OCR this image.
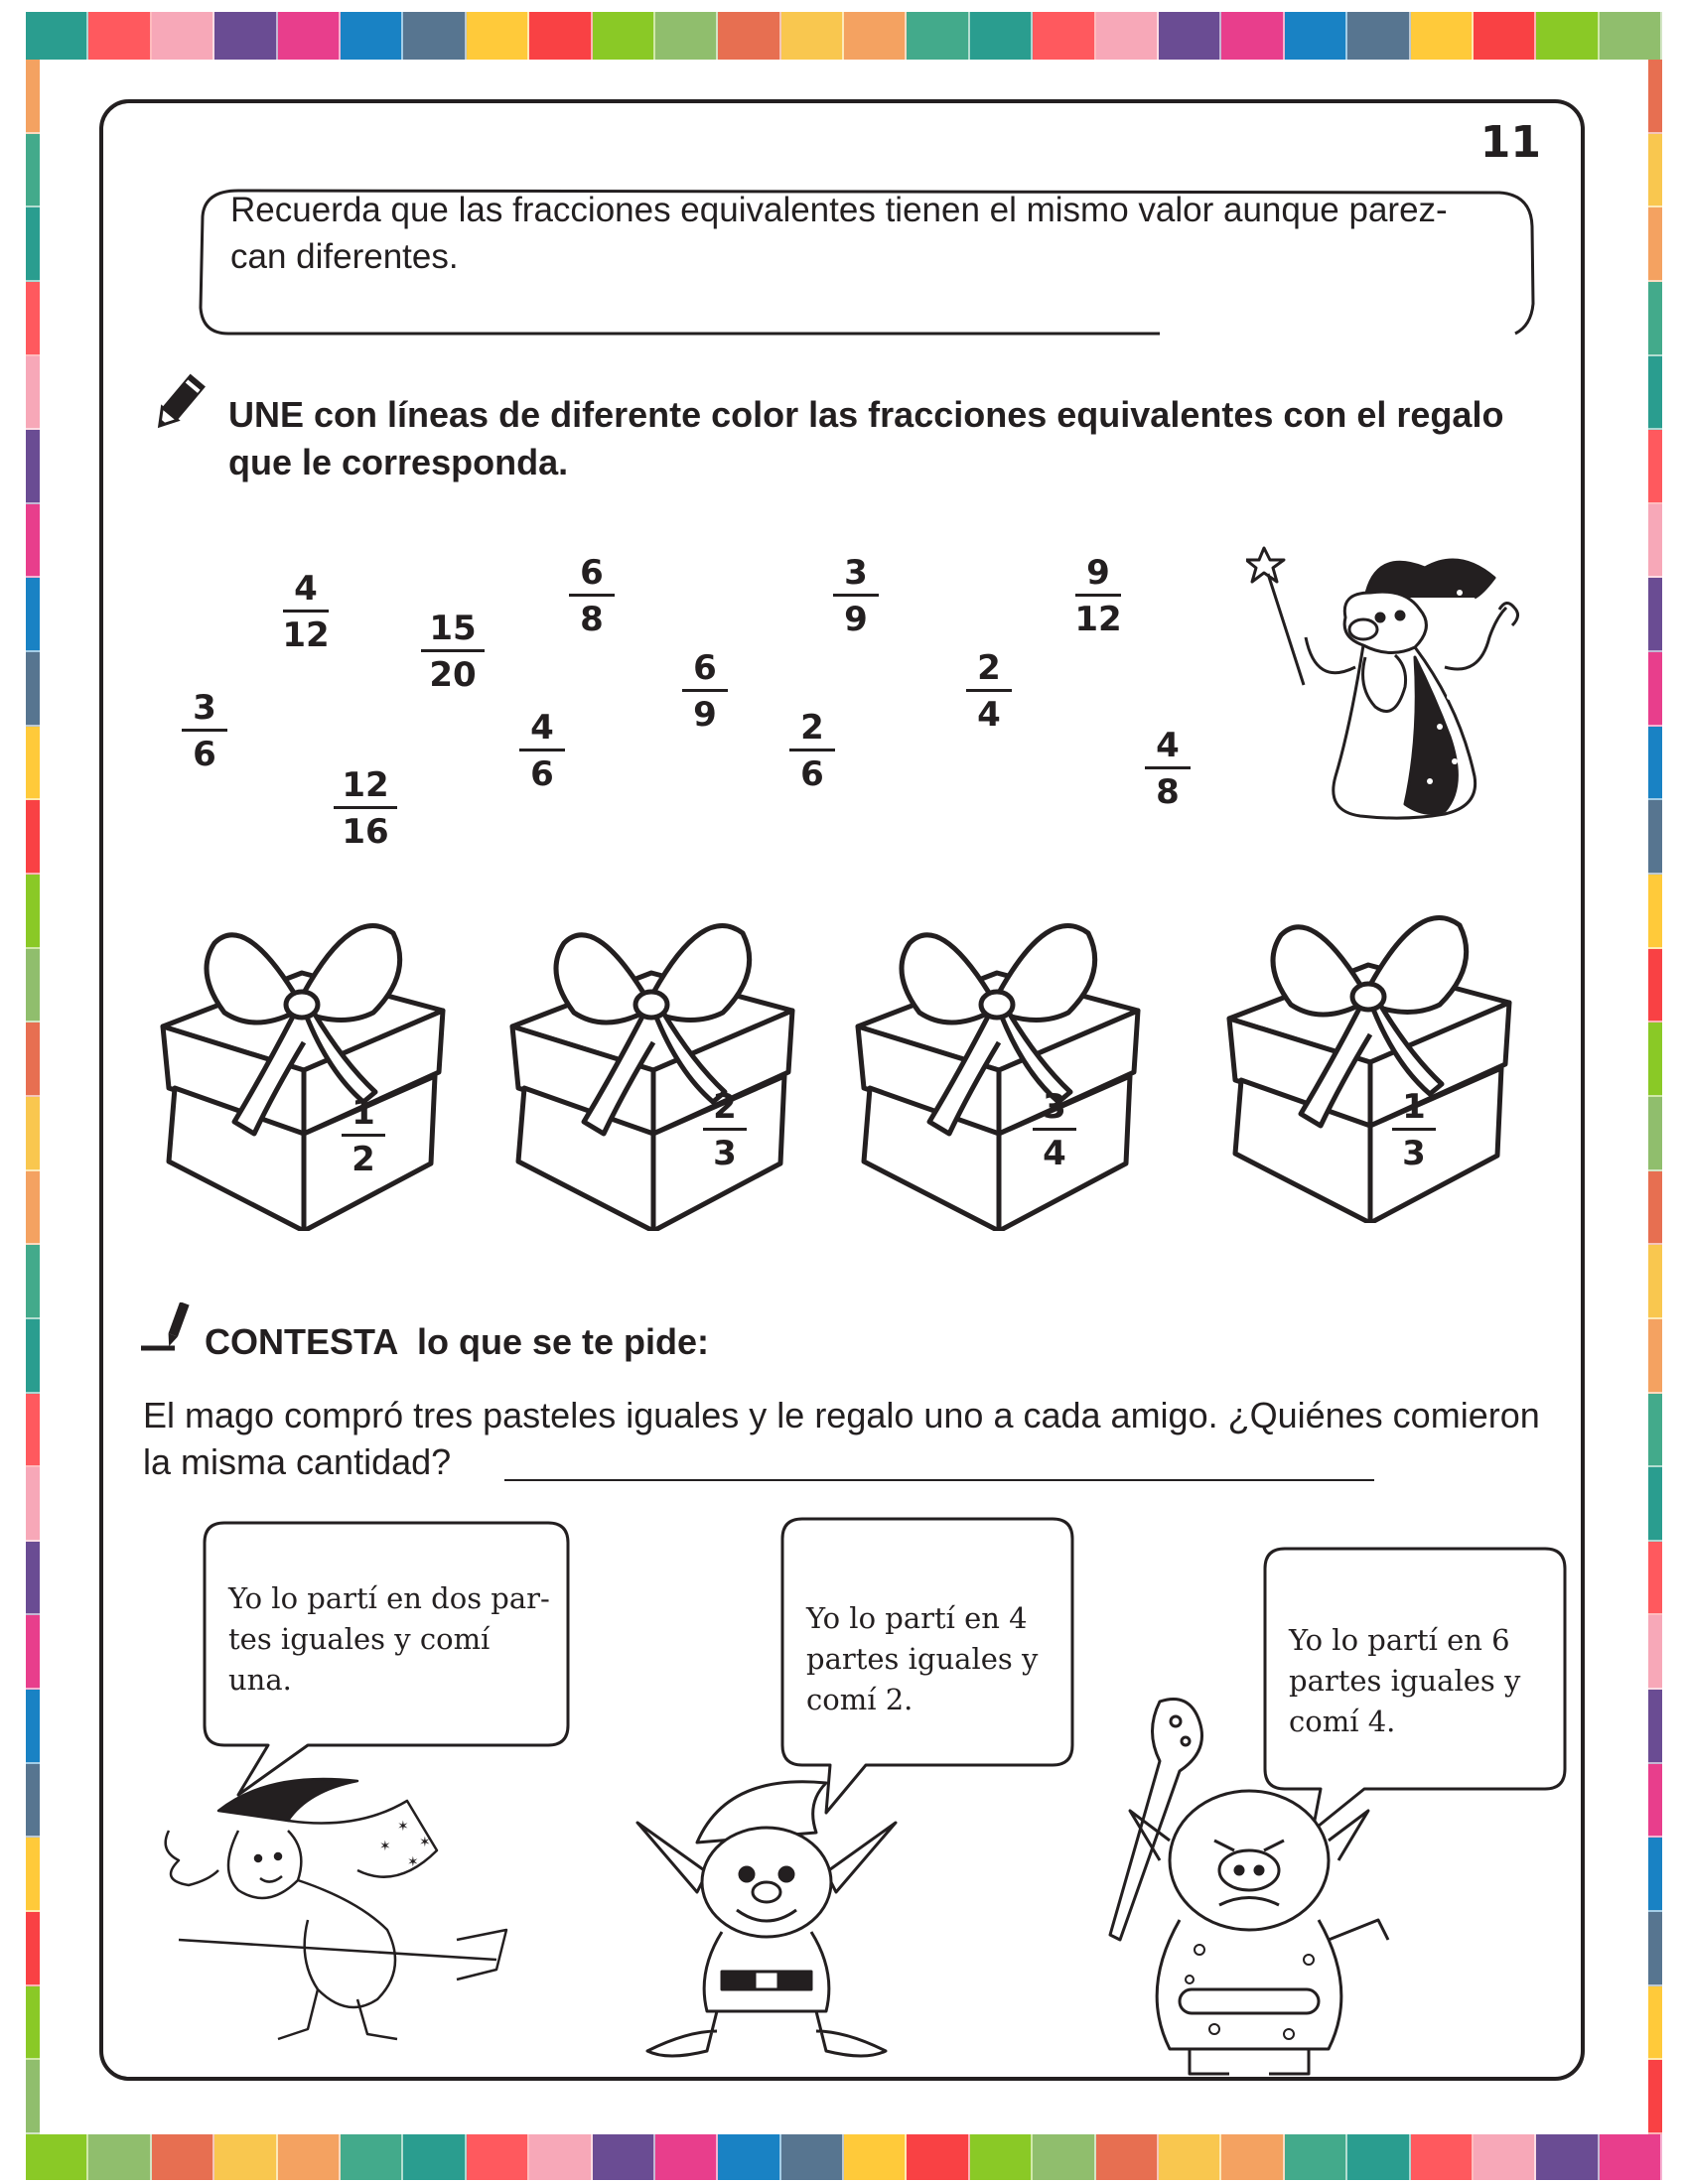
11
Recuerda que las fracciones equivalentes tienen el mismo valor aunque parez-
can diferentes.
UNE con líneas de diferente color las fracciones equivalentes con el regalo que le corresponda.
$\frac{4}{12} \frac{15}{20}$
$\frac{6}{8}$	$\frac{3}{9}$	$\frac{9}{12}$
$\frac{3}{6}$	$\frac{6}{9}$	$\frac{2}{4}$
$\frac{4}{6}$	$\frac{2}{6}$	$\frac{4}{8}$
$\frac{12}{16}$
$\frac{1}{2}$	$\frac{2}{3}$	$\frac{3}{4}$	$\frac{1}{3}$
CONTESTA  lo que se te pide:
El mago compró tres pasteles iguales y le regalo uno a cada amigo. ¿Quiénes comieron la misma cantidad?
Yo lo partí en dos par-
tes iguales y comí una.
Yo lo partí en 4
partes iguales y
comí 2.
Yo lo partí en 6
partes iguales y
comí 4.
✶
✶
✶
✶
